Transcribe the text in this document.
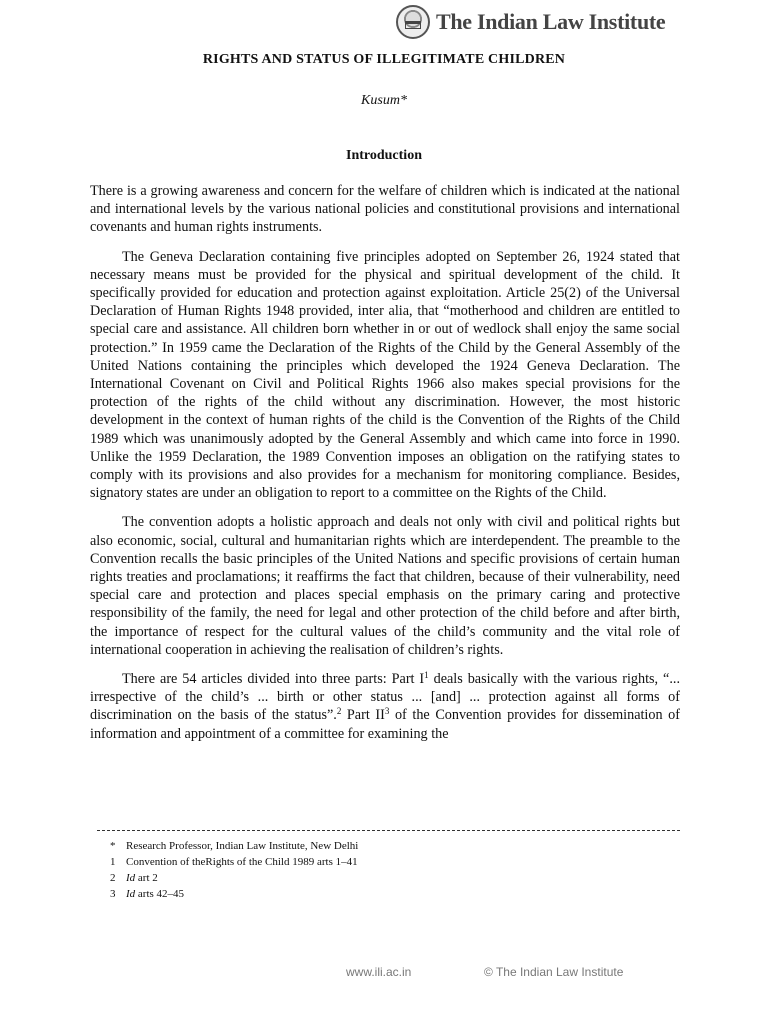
The Indian Law Institute
RIGHTS AND STATUS OF ILLEGITIMATE CHILDREN
Kusum*
Introduction

There is a growing awareness and concern for the welfare of children which is indicated at the national and international levels by the various national policies and constitutional provisions and international covenants and human rights instruments.

The Geneva Declaration containing five principles adopted on September 26, 1924 stated that necessary means must be provided for the physical and spiritual development of the child. It specifically provided for education and protection against exploitation. Article 25(2) of the Universal Declaration of Human Rights 1948 provided, inter alia, that “motherhood and children are entitled to special care and assistance. All children born whether in or out of wedlock shall enjoy the same social protection.” In 1959 came the Declaration of the Rights of the Child by the General Assembly of the United Nations containing the principles which developed the 1924 Geneva Declaration. The International Covenant on Civil and Political Rights 1966 also makes special provisions for the protection of the rights of the child without any discrimination. However, the most historic development in the context of human rights of the child is the Convention of the Rights of the Child 1989 which was unanimously adopted by the General Assembly and which came into force in 1990. Unlike the 1959 Declaration, the 1989 Convention imposes an obligation on the ratifying states to comply with its provisions and also provides for a mechanism for monitoring compliance. Besides, signatory states are under an obligation to report to a committee on the Rights of the Child.

The convention adopts a holistic approach and deals not only with civil and political rights but also economic, social, cultural and humanitarian rights which are interdependent. The preamble to the Convention recalls the basic principles of the United Nations and specific provisions of certain human rights treaties and proclamations; it reaffirms the fact that children, because of their vulnerability, need special care and protection and places special emphasis on the primary caring and protective responsibility of the family, the need for legal and other protection of the child before and after birth, the importance of respect for the cultural values of the child’s community and the vital role of international cooperation in achieving the realisation of children’s rights.

There are 54 articles divided into three parts: Part $I^1$ deals basically with the various rights, “... irrespective of the child’s ... birth or other status ... [and] ... protection against all forms of discrimination on the basis of the status”.$^2$ Part $II^3$ of the Convention provides for dissemination of information and appointment of a committee for examining the

* Research Professor, Indian Law Institute, New Delhi
1 Convention of theRights of the Child 1989 arts 1–41
2 Id art 2
3 Id arts 42–45
www.ili.ac.in	© The Indian Law Institute
